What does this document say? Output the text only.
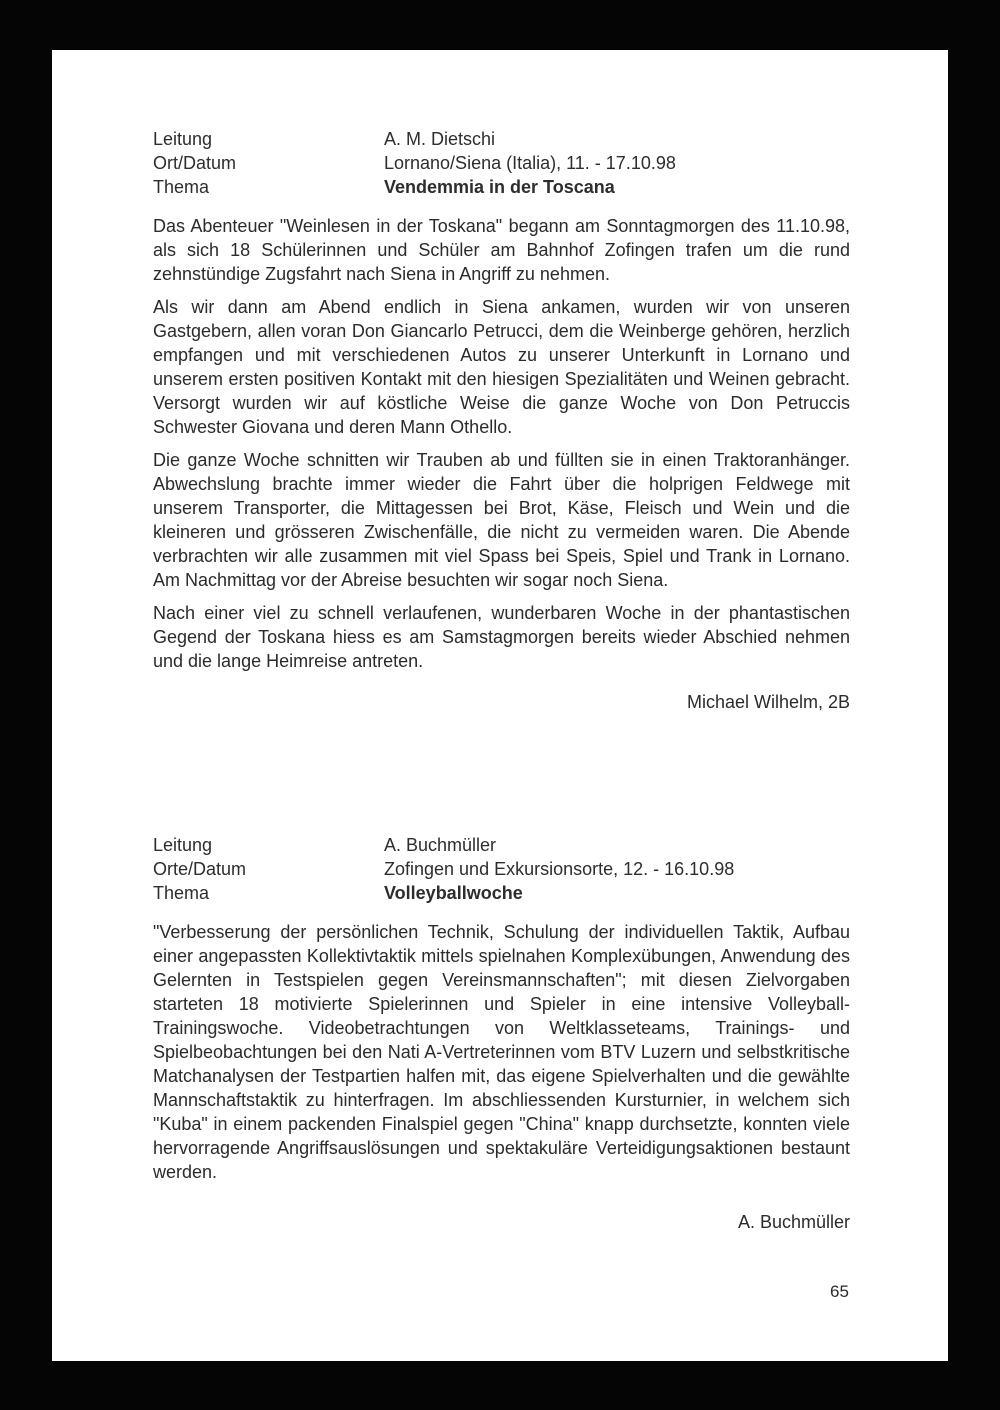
Leitung	A. M. Dietschi
Ort/Datum	Lornano/Siena (Italia), 11. - 17.10.98
Thema	Vendemmia in der Toscana

Das Abenteuer "Weinlesen in der Toskana" begann am Sonntagmorgen des 11.10.98, als sich 18 Schülerinnen und Schüler am Bahnhof Zofingen trafen um die rund zehnstündige Zugsfahrt nach Siena in Angriff zu nehmen.

Als wir dann am Abend endlich in Siena ankamen, wurden wir von unseren Gastgebern, allen voran Don Giancarlo Petrucci, dem die Weinberge gehören, herzlich empfangen und mit verschiedenen Autos zu unserer Unterkunft in Lornano und unserem ersten positiven Kontakt mit den hiesigen Spezialitäten und Weinen gebracht. Versorgt wurden wir auf köstliche Weise die ganze Woche von Don Petruccis Schwester Giovana und deren Mann Othello.

Die ganze Woche schnitten wir Trauben ab und füllten sie in einen Traktoranhänger. Abwechslung brachte immer wieder die Fahrt über die holprigen Feldwege mit unserem Transporter, die Mittagessen bei Brot, Käse, Fleisch und Wein und die kleineren und grösseren Zwischenfälle, die nicht zu vermeiden waren. Die Abende verbrachten wir alle zusammen mit viel Spass bei Speis, Spiel und Trank in Lornano. Am Nachmittag vor der Abreise besuchten wir sogar noch Siena.

Nach einer viel zu schnell verlaufenen, wunderbaren Woche in der phantastischen Gegend der Toskana hiess es am Samstagmorgen bereits wieder Abschied nehmen und die lange Heimreise antreten.

Michael Wilhelm, 2B
Leitung	A. Buchmüller
Orte/Datum	Zofingen und Exkursionsorte, 12. - 16.10.98
Thema	Volleyballwoche

"Verbesserung der persönlichen Technik, Schulung der individuellen Taktik, Aufbau einer angepassten Kollektivtaktik mittels spielnahen Komplexübungen, Anwendung des Gelernten in Testspielen gegen Vereinsmannschaften"; mit diesen Zielvorgaben starteten 18 motivierte Spielerinnen und Spieler in eine intensive Volleyball-Trainingswoche. Videobetrachtungen von Weltklasseteams, Trainings- und Spielbeobachtungen bei den Nati A-Vertreterinnen vom BTV Luzern und selbstkritische Matchanalysen der Testpartien halfen mit, das eigene Spielverhalten und die gewählte Mannschaftstaktik zu hinterfragen. Im abschliessenden Kursturnier, in welchem sich "Kuba" in einem packenden Finalspiel gegen "China" knapp durchsetzte, konnten viele hervorragende Angriffsauslösungen und spektakuläre Verteidigungsaktionen bestaunt werden.

A. Buchmüller
65
